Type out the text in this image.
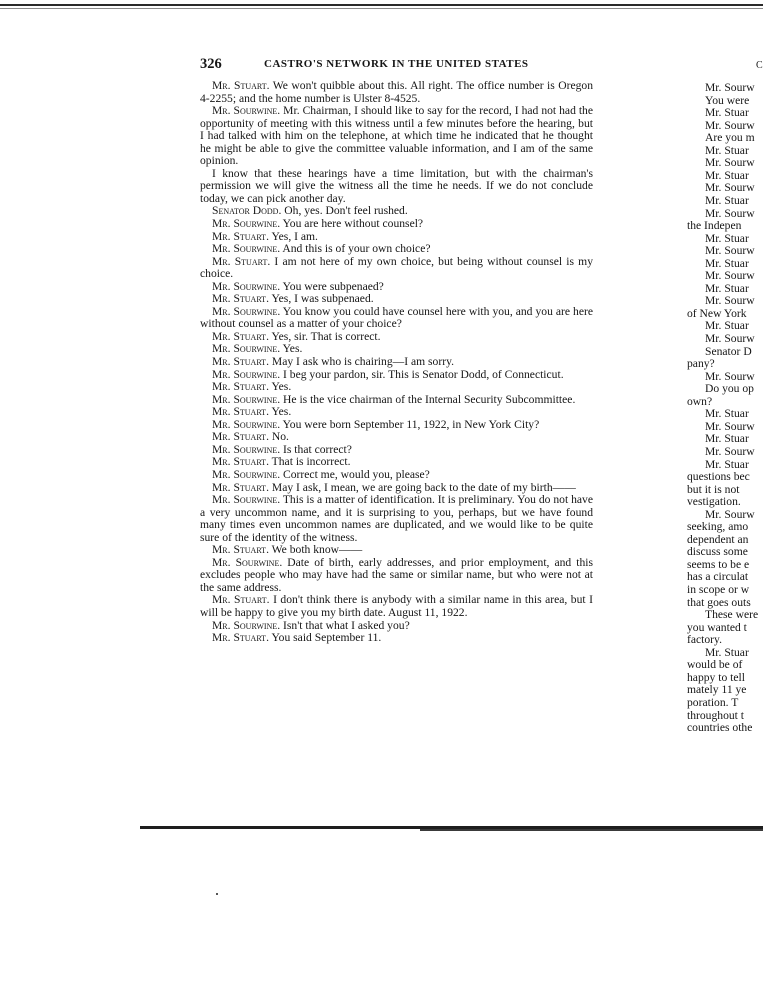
326	CASTRO'S NETWORK IN THE UNITED STATES	C

Mr. Stuart. We won't quibble about this. All right. The office number is Oregon 4-2255; and the home number is Ulster 8-4525.

Mr. Sourwine. Mr. Chairman, I should like to say for the record, I had not had the opportunity of meeting with this witness until a few minutes before the hearing, but I had talked with him on the telephone, at which time he indicated that he thought he might be able to give the committee valuable information, and I am of the same opinion.

I know that these hearings have a time limitation, but with the chairman's permission we will give the witness all the time he needs. If we do not conclude today, we can pick another day.

Senator Dodd. Oh, yes. Don't feel rushed.

Mr. Sourwine. You are here without counsel?

Mr. Stuart. Yes, I am.

Mr. Sourwine. And this is of your own choice?

Mr. Stuart. I am not here of my own choice, but being without counsel is my choice.

Mr. Sourwine. You were subpenaed?

Mr. Stuart. Yes, I was subpenaed.

Mr. Sourwine. You know you could have counsel here with you, and you are here without counsel as a matter of your choice?

Mr. Stuart. Yes, sir. That is correct.

Mr. Sourwine. Yes.

Mr. Stuart. May I ask who is chairing—I am sorry.

Mr. Sourwine. I beg your pardon, sir. This is Senator Dodd, of Connecticut.

Mr. Stuart. Yes.

Mr. Sourwine. He is the vice chairman of the Internal Security Subcommittee.

Mr. Stuart. Yes.

Mr. Sourwine. You were born September 11, 1922, in New York City?

Mr. Stuart. No.

Mr. Sourwine. Is that correct?

Mr. Stuart. That is incorrect.

Mr. Sourwine. Correct me, would you, please?

Mr. Stuart. May I ask, I mean, we are going back to the date of my birth——

Mr. Sourwine. This is a matter of identification. It is preliminary. You do not have a very uncommon name, and it is surprising to you, perhaps, but we have found many times even uncommon names are duplicated, and we would like to be quite sure of the identity of the witness.

Mr. Stuart. We both know——

Mr. Sourwine. Date of birth, early addresses, and prior employment, and this excludes people who may have had the same or similar name, but who were not at the same address.

Mr. Stuart. I don't think there is anybody with a similar name in this area, but I will be happy to give you my birth date. August 11, 1922.

Mr. Sourwine. Isn't that what I asked you?

Mr. Stuart. You said September 11.

Mr. Sourw
You were
Mr. Stuar
Mr. Sourw
Are you m
Mr. Stuar
Mr. Sourw
Mr. Stuar
Mr. Sourw
Mr. Stuar
Mr. Sourw
the Indepen
Mr. Stuar
Mr. Sourw
Mr. Stuar
Mr. Sourw
Mr. Stuar
Mr. Sourw
of New York
Mr. Stuar
Mr. Sourw
Senator D
pany?
Mr. Sourw
Do you op
own?
Mr. Stuar
Mr. Sourw
Mr. Stuar
Mr. Sourw
Mr. Stuar
questions bec
but it is not
vestigation.
Mr. Sourw
seeking, amo
dependent an
discuss some
seems to be e
has a circulat
in scope or w
that goes outs
These were
you wanted t
factory.
Mr. Stuar
would be of
happy to tell
mately 11 ye
poration. T
throughout t
countries othe
